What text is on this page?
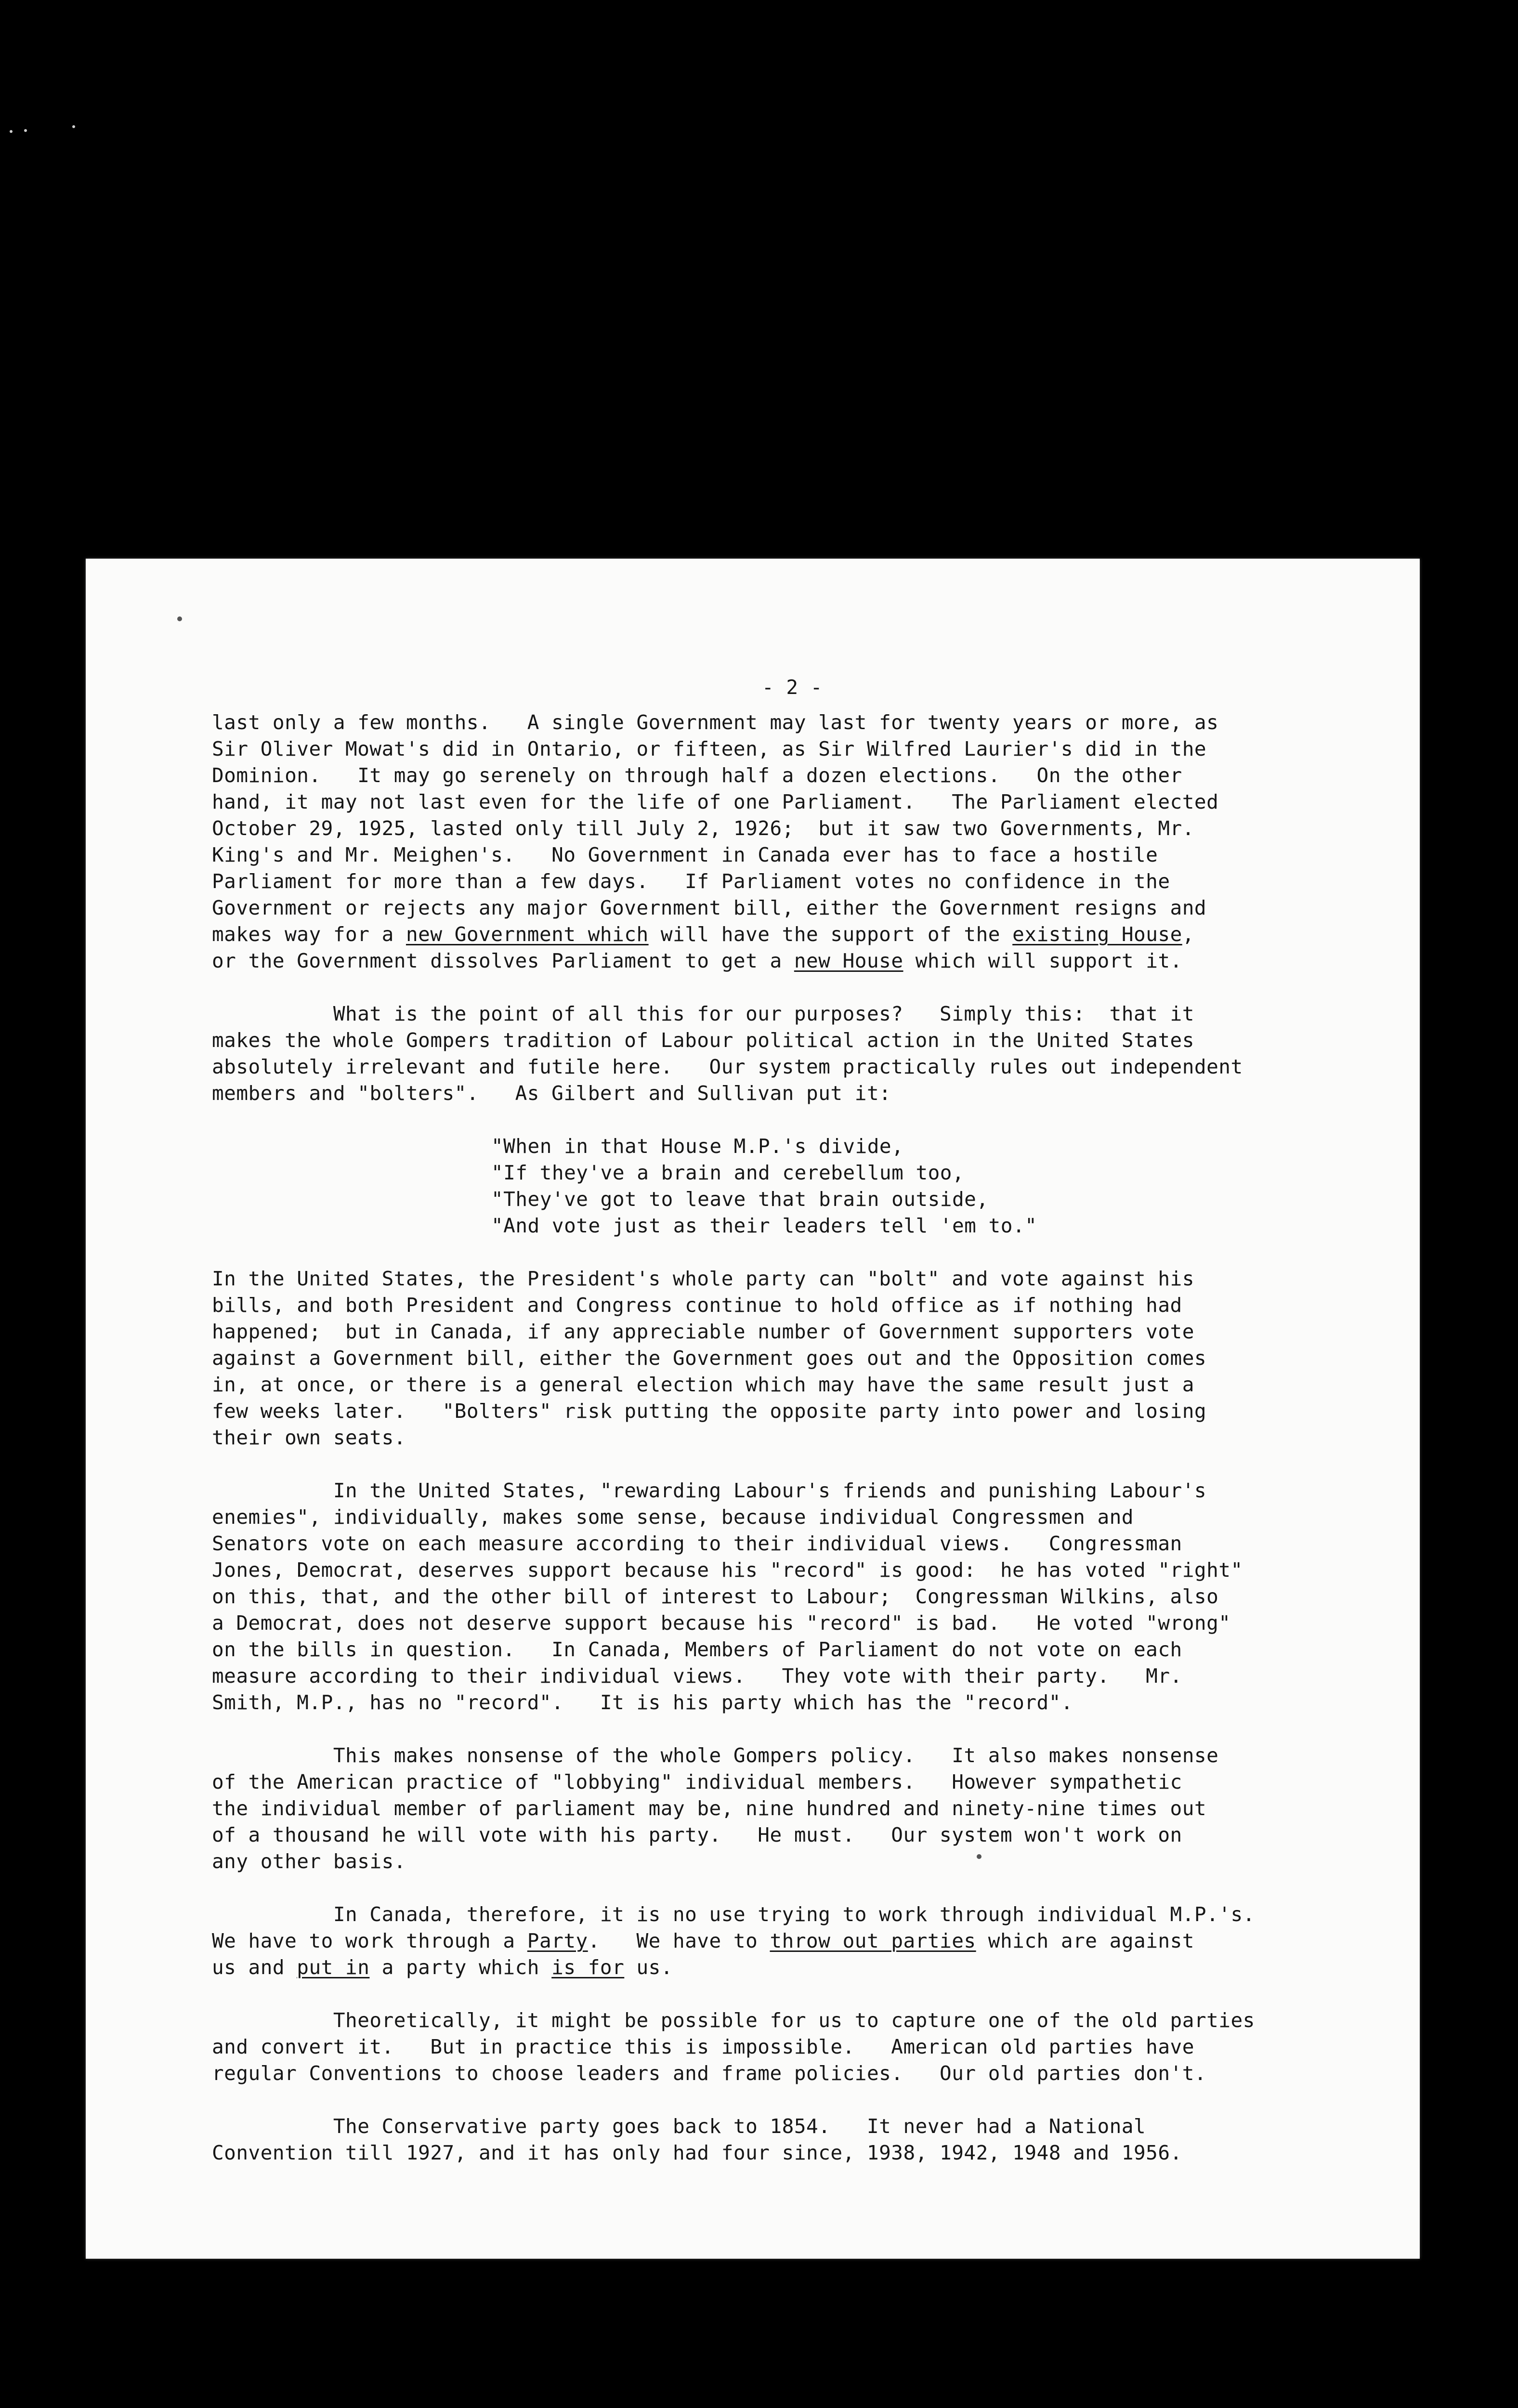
- 2 -
last only a few months.   A single Government may last for twenty years or more, as
Sir Oliver Mowat's did in Ontario, or fifteen, as Sir Wilfred Laurier's did in the
Dominion.   It may go serenely on through half a dozen elections.   On the other
hand, it may not last even for the life of one Parliament.   The Parliament elected
October 29, 1925, lasted only till July 2, 1926;  but it saw two Governments, Mr.
King's and Mr. Meighen's.   No Government in Canada ever has to face a hostile
Parliament for more than a few days.   If Parliament votes no confidence in the
Government or rejects any major Government bill, either the Government resigns and
makes way for a new Government which will have the support of the existing House,
or the Government dissolves Parliament to get a new House which will support it.
What is the point of all this for our purposes?   Simply this:  that it
makes the whole Gompers tradition of Labour political action in the United States
absolutely irrelevant and futile here.   Our system practically rules out independent
members and "bolters".   As Gilbert and Sullivan put it:
"When in that House M.P.'s divide,
"If they've a brain and cerebellum too,
"They've got to leave that brain outside,
"And vote just as their leaders tell 'em to."
In the United States, the President's whole party can "bolt" and vote against his
bills, and both President and Congress continue to hold office as if nothing had
happened;  but in Canada, if any appreciable number of Government supporters vote
against a Government bill, either the Government goes out and the Opposition comes
in, at once, or there is a general election which may have the same result just a
few weeks later.   "Bolters" risk putting the opposite party into power and losing
their own seats.
In the United States, "rewarding Labour's friends and punishing Labour's
enemies", individually, makes some sense, because individual Congressmen and
Senators vote on each measure according to their individual views.   Congressman
Jones, Democrat, deserves support because his "record" is good:  he has voted "right"
on this, that, and the other bill of interest to Labour;  Congressman Wilkins, also
a Democrat, does not deserve support because his "record" is bad.   He voted "wrong"
on the bills in question.   In Canada, Members of Parliament do not vote on each
measure according to their individual views.   They vote with their party.   Mr.
Smith, M.P., has no "record".   It is his party which has the "record".
This makes nonsense of the whole Gompers policy.   It also makes nonsense
of the American practice of "lobbying" individual members.   However sympathetic
the individual member of parliament may be, nine hundred and ninety-nine times out
of a thousand he will vote with his party.   He must.   Our system won't work on
any other basis.
In Canada, therefore, it is no use trying to work through individual M.P.'s.
We have to work through a Party.   We have to throw out parties which are against
us and put in a party which is for us.
Theoretically, it might be possible for us to capture one of the old parties
and convert it.   But in practice this is impossible.   American old parties have
regular Conventions to choose leaders and frame policies.   Our old parties don't.
The Conservative party goes back to 1854.   It never had a National
Convention till 1927, and it has only had four since, 1938, 1942, 1948 and 1956.
